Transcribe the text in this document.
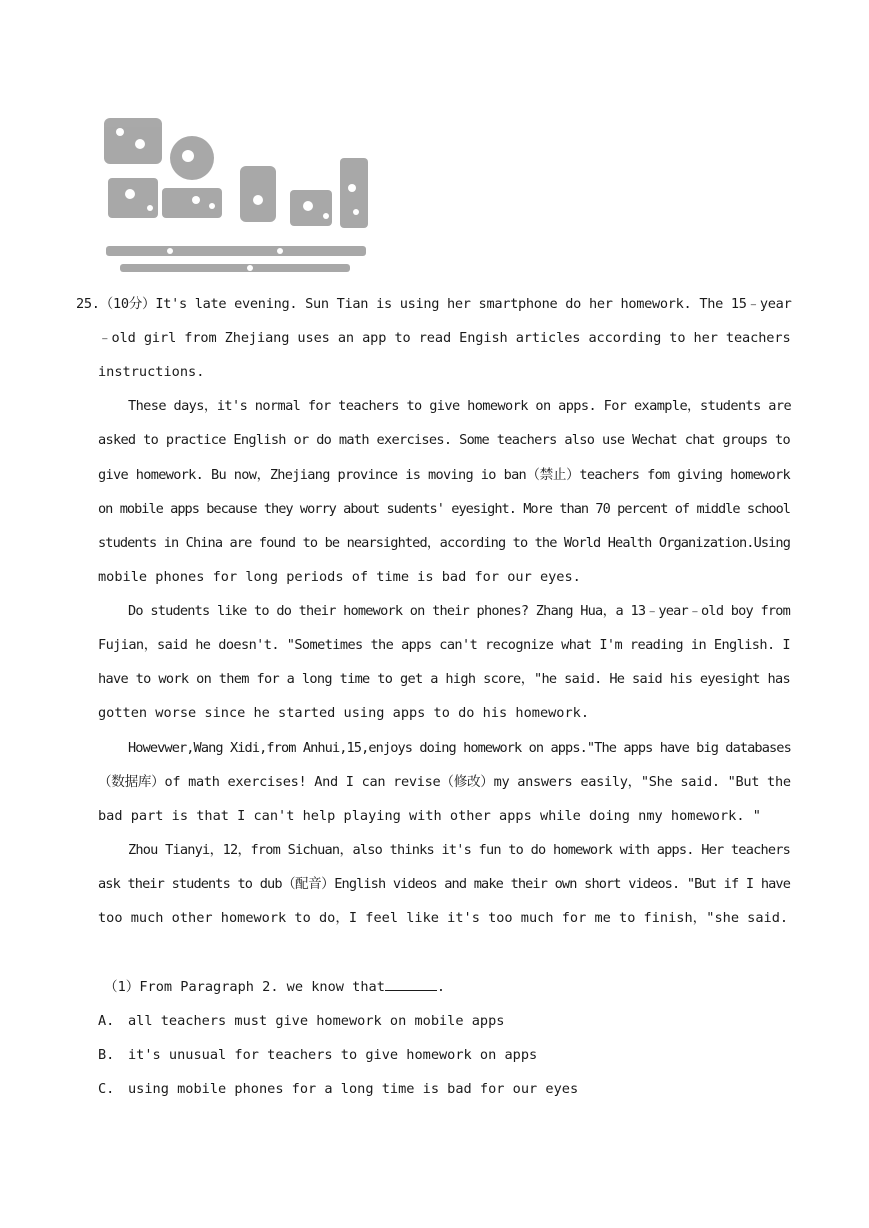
25.（10分）It's late evening. Sun Tian is using her smartphone do her homework. The 15﹣year
﹣old girl from Zhejiang uses an app to read Engish articles according to her teachers
instructions.
These days，it's normal for teachers to give homework on apps. For example，students are
asked to practice English or do math exercises. Some teachers also use Wechat chat groups to
give homework. Bu now，Zhejiang province is moving io ban（禁止）teachers fom giving homework
on mobile apps because they worry about sudents' eyesight. More than 70 percent of middle school
students in China are found to be nearsighted，according to the World Health Organization.Using
mobile phones for long periods of time is bad for our eyes.
Do students like to do their homework on their phones? Zhang Hua，a 13﹣year﹣old boy from
Fujian，said he doesn't. "Sometimes the apps can't recognize what I'm reading in English. I
have to work on them for a long time to get a high score，"he said. He said his eyesight has
gotten worse since he started using apps to do his homework.
Howevwer,Wang Xidi,from Anhui,15,enjoys doing homework on apps."The apps have big databases
（数据库）of math exercises! And I can revise（修改）my answers easily，"She said. "But the
bad part is that I can't help playing with other apps while doing nmy homework. "
Zhou Tianyi，12，from Sichuan，also thinks it's fun to do homework with apps. Her teachers
ask their students to dub（配音）English videos and make their own short videos. "But if I have
too much other homework to do，I feel like it's too much for me to finish，"she said.
（1）From Paragraph 2. we know that	.
A. all teachers must give homework on mobile apps
B. it's unusual for teachers to give homework on apps
C. using mobile phones for a long time is bad for our eyes
